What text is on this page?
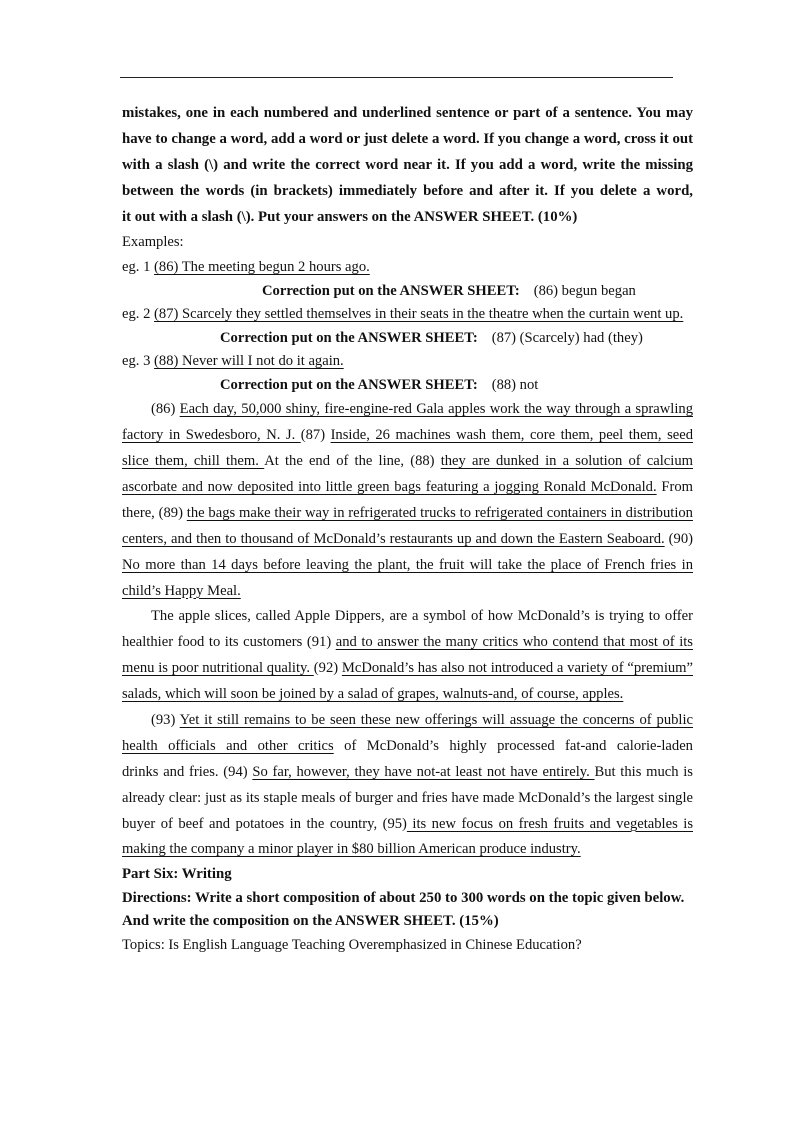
mistakes, one in each numbered and underlined sentence or part of a sentence. You may
have to change a word, add a word or just delete a word. If you change a word, cross it out
with a slash (\) and write the correct word near it. If you add a word, write the missing
between the words (in brackets) immediately before and after it. If you delete a word,
it out with a slash (\). Put your answers on the ANSWER SHEET. (10%)
Examples:
eg. 1 (86) The meeting begun 2 hours ago.
Correction put on the ANSWER SHEET: (86) begun began
eg. 2 (87) Scarcely they settled themselves in their seats in the theatre when the curtain went up.
Correction put on the ANSWER SHEET: (87) (Scarcely) had (they)
eg. 3 (88) Never will I not do it again.
Correction put on the ANSWER SHEET: (88) not
(86) Each day, 50,000 shiny, fire-engine-red Gala apples work the way through a sprawling
factory in Swedesboro, N. J. (87) Inside, 26 machines wash them, core them, peel them, seed
slice them, chill them. At the end of the line, (88) they are dunked in a solution of calcium
ascorbate and now deposited into little green bags featuring a jogging Ronald McDonald. From
there, (89) the bags make their way in refrigerated trucks to refrigerated containers in distribution
centers, and then to thousand of McDonald’s restaurants up and down the Eastern Seaboard. (90)
No more than 14 days before leaving the plant, the fruit will take the place of French fries in
child’s Happy Meal.
The apple slices, called Apple Dippers, are a symbol of how McDonald’s is trying to offer
healthier food to its customers (91) and to answer the many critics who contend that most of its
menu is poor nutritional quality. (92) McDonald’s has also not introduced a variety of “premium”
salads, which will soon be joined by a salad of grapes, walnuts-and, of course, apples.
(93) Yet it still remains to be seen these new offerings will assuage the concerns of public
health officials and other critics of McDonald’s highly processed fat-and calorie-laden
drinks and fries. (94) So far, however, they have not-at least not have entirely. But this much is
already clear: just as its staple meals of burger and fries have made McDonald’s the largest single
buyer of beef and potatoes in the country, (95) its new focus on fresh fruits and vegetables is
making the company a minor player in $80 billion American produce industry.
Part Six: Writing
Directions: Write a short composition of about 250 to 300 words on the topic given below.
And write the composition on the ANSWER SHEET. (15%)
Topics: Is English Language Teaching Overemphasized in Chinese Education?
